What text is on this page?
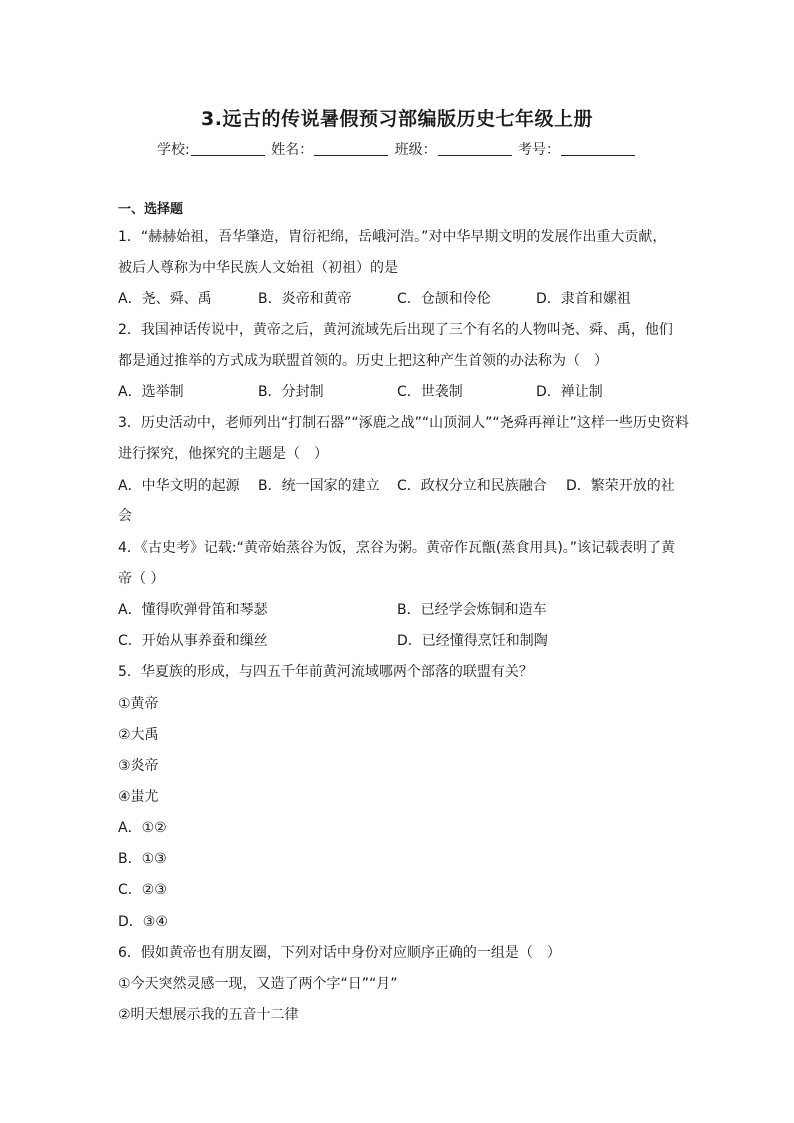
3.远古的传说暑假预习部编版历史七年级上册
学校:	姓名：	班级：	考号：
一、选择题
1．“赫赫始祖，吾华肇造，胄衍祀绵，岳峨河浩。”对中华早期文明的发展作出重大贡献，
被后人尊称为中华民族人文始祖（初祖）的是
A．尧、舜、禹	B．炎帝和黄帝	C．仓颉和伶伦	D．隶首和嫘祖
2．我国神话传说中，黄帝之后，黄河流域先后出现了三个有名的人物叫尧、舜、禹，他们
都是通过推举的方式成为联盟首领的。历史上把这种产生首领的办法称为（　）
A．选举制	B．分封制	C．世袭制	D．禅让制
3．历史活动中，老师列出“打制石器”“涿鹿之战”“山顶洞人”“尧舜再禅让”这样一些历史资料
进行探究，他探究的主题是（　）
A．中华文明的起源 B．统一国家的建立 C．政权分立和民族融合 D．繁荣开放的社
会
4．《古史考》记载:“黄帝始蒸谷为饭，烹谷为粥。黄帝作瓦甑(蒸食用具)。”该记载表明了黄
帝（ ）
A．懂得吹弹骨笛和琴瑟	B．已经学会炼铜和造车
C．开始从事养蚕和缫丝	D．已经懂得烹饪和制陶
5．华夏族的形成，与四五千年前黄河流域哪两个部落的联盟有关？
①黄帝
②大禹
③炎帝
④蚩尤
A．①②
B．①③
C．②③
D．③④
6．假如黄帝也有朋友圈，下列对话中身份对应顺序正确的一组是（　）
①今天突然灵感一现，又造了两个字“日”“月”
②明天想展示我的五音十二律
